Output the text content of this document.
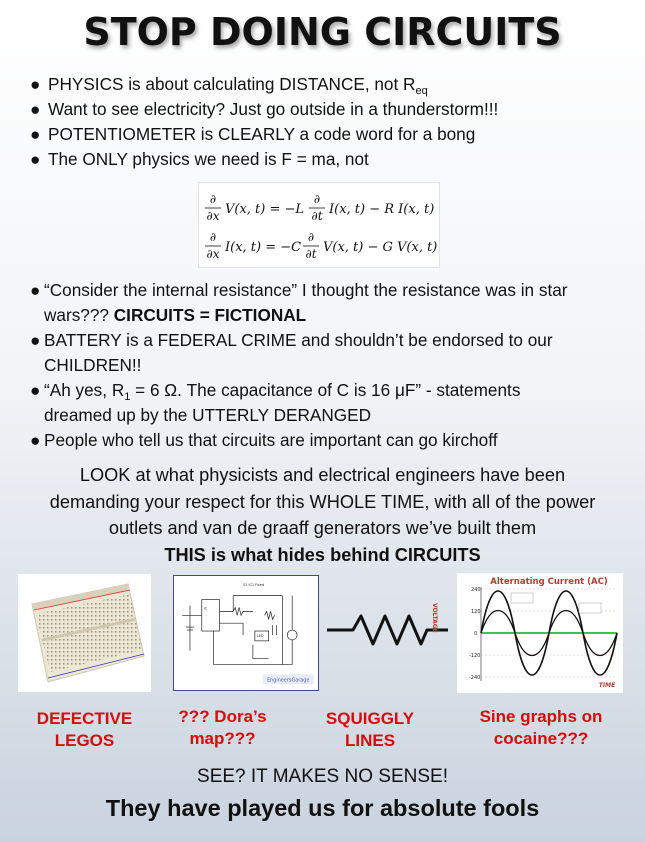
STOP DOING CIRCUITS
● PHYSICS is about calculating DISTANCE, not $R_{eq}$
● Want to see electricity? Just go outside in a thunderstorm!!!
● POTENTIOMETER is CLEARLY a code word for a bong
● The ONLY physics we need is F = ma, not
∂
∂x V(x, t) = −L
∂
∂t I(x, t) − R I(x, t)
∂
∂x I(x, t) = −C
∂
∂t V(x, t) − G V(x, t)
● “Consider the internal resistance” I thought the resistance was in star
wars??? CIRCUITS = FICTIONAL
● BATTERY is a FEDERAL CRIME and shouldn’t be endorsed to our
CHILDREN!!
● “Ah yes, $R_1 = 6$ Ω. The capacitance of C is 16 μF” - statements
dreamed up by the UTTERLY DERANGED
● People who tell us that circuits are important can go kirchoff
LOOK at what physicists and electrical engineers have been
demanding your respect for this WHOLE TIME, with all of the power
outlets and van de graaff generators we’ve built them
THIS is what hides behind CIRCUITS
S1 IC1 Fixed
IC
LED
EngineersGarage
Alternating Current (AC)
240
120
0
-120
-240
VOLTAGE
TIME
DEFECTIVE
LEGOS
??? Dora’s
map???
SQUIGGLY
LINES
Sine graphs on
cocaine???
SEE? IT MAKES NO SENSE!
They have played us for absolute fools
